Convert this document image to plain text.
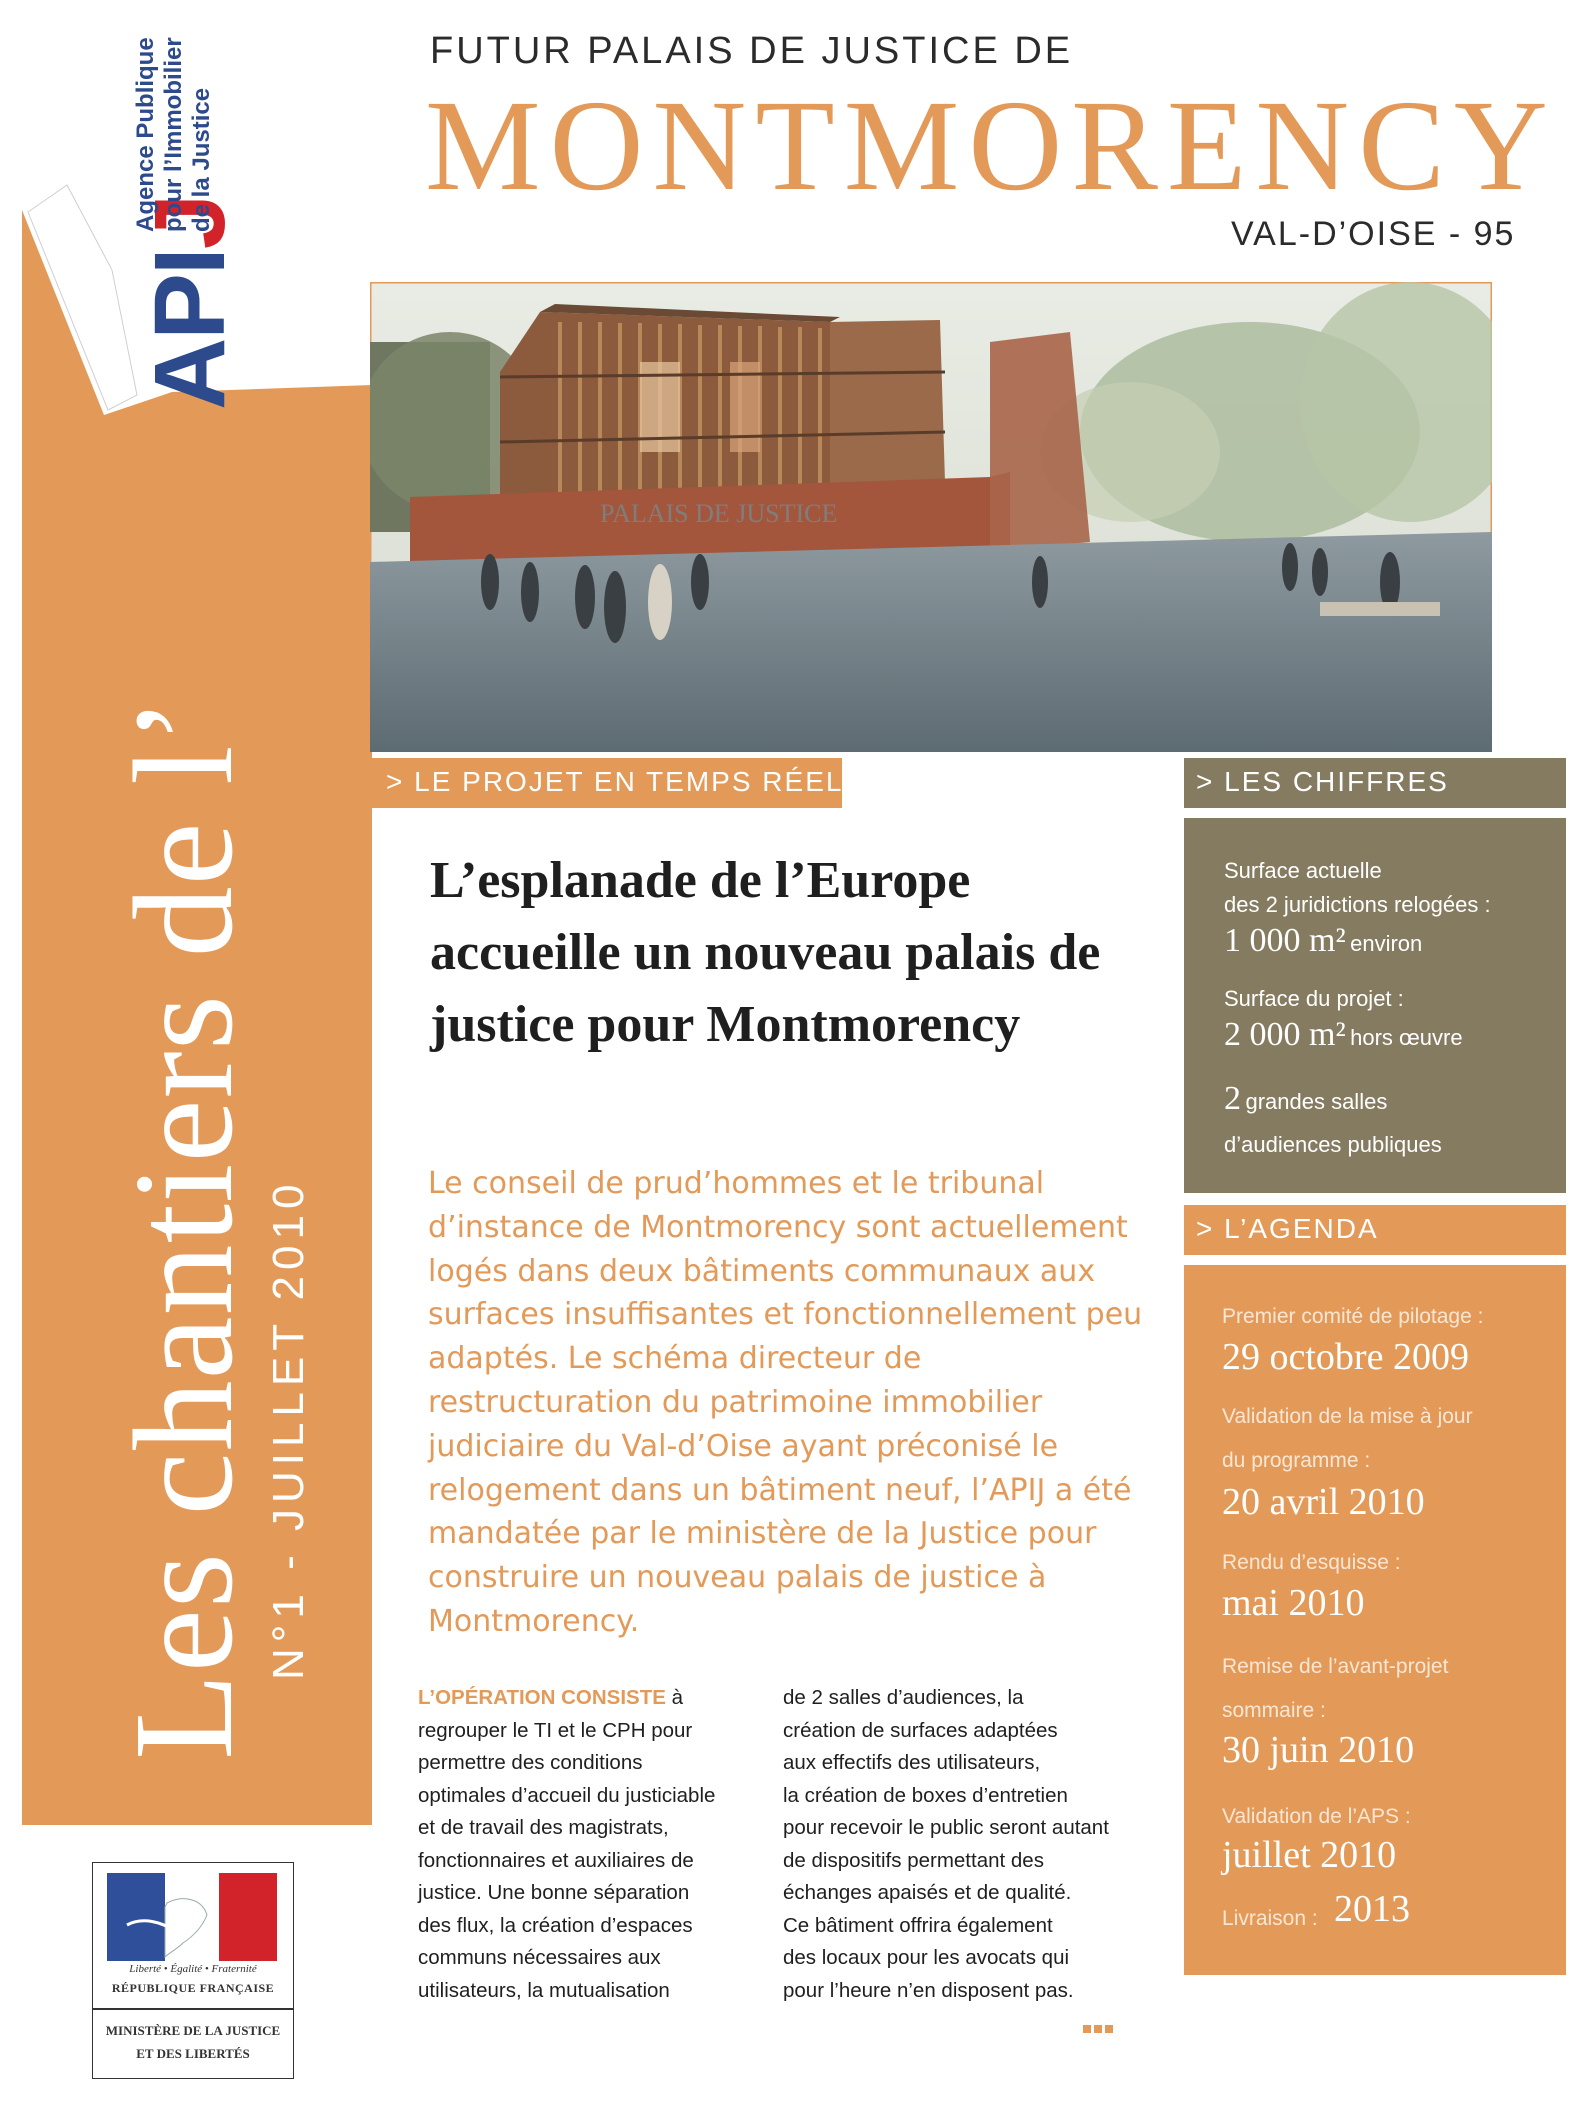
APIJ
Agence Publique pour l’Immobilier de la Justice
Les chantiers de l’ N°1 - JUILLET 2010
Liberté • Égalité • Fraternité
RÉPUBLIQUE FRANÇAISE
MINISTÈRE DE LA JUSTICE
ET DES LIBERTÉS
FUTUR PALAIS DE JUSTICE DE
MONTMORENCY
VAL-D’OISE - 95
PALAIS DE JUSTICE
> LE PROJET EN TEMPS RÉEL	> LES CHIFFRES
> L’AGENDA
L’esplanade de l’Europe accueille un nouveau palais de justice pour Montmorency
Le conseil de prud’hommes et le tribunal d’instance de Montmorency sont actuellement logés dans deux bâtiments communaux aux surfaces insuffisantes et fonctionnellement peu adaptés. Le schéma directeur de restructuration du patrimoine immobilier judiciaire du Val-d’Oise ayant préconisé le relogement dans un bâtiment neuf, l’APIJ a été mandatée par le ministère de la Justice pour construire un nouveau palais de justice à Montmorency.
L’OPÉRATION CONSISTE à
regrouper le TI et le CPH pour
permettre des conditions
optimales d’accueil du justiciable
et de travail des magistrats,
fonctionnaires et auxiliaires de
justice. Une bonne séparation
des flux, la création d’espaces
communs nécessaires aux
utilisateurs, la mutualisation
de 2 salles d’audiences, la
création de surfaces adaptées
aux effectifs des utilisateurs,
la création de boxes d’entretien
pour recevoir le public seront autant
de dispositifs permettant des
échanges apaisés et de qualité.
Ce bâtiment offrira également
des locaux pour les avocats qui
pour l’heure n’en disposent pas.
Surface actuelle
des 2 juridictions relogées :
1 000 m² environ
Surface du projet :
2 000 m² hors œuvre
2 grandes salles
d’audiences publiques
Premier comité de pilotage :
29 octobre 2009
Validation de la mise à jour
du programme :
20 avril 2010
Rendu d’esquisse :
mai 2010
Remise de l’avant-projet
sommaire :
30 juin 2010
Validation de l’APS :
juillet 2010
Livraison : 2013
